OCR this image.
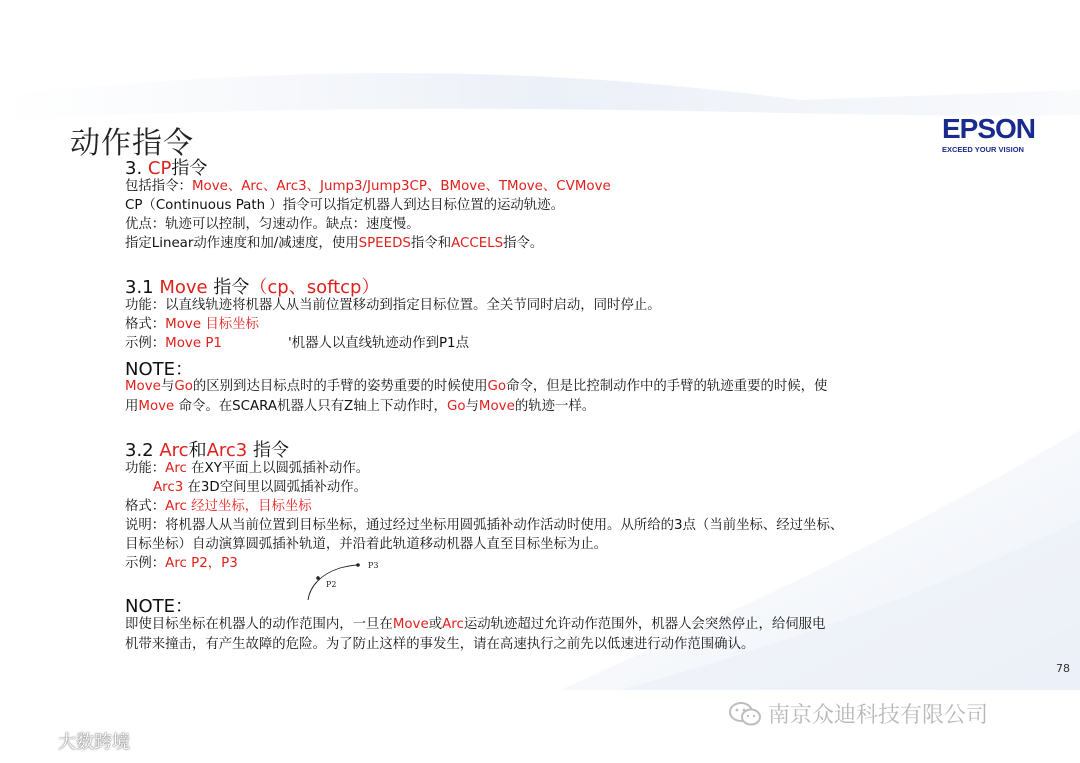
动作指令	EPSON
EXCEED YOUR VISION
3. CP指令
包括指令：Move、Arc、Arc3、Jump3/Jump3CP、BMove、TMove、CVMove
CP（Continuous Path ）指令可以指定机器人到达目标位置的运动轨迹。
优点：轨迹可以控制，匀速动作。缺点：速度慢。
指定Linear动作速度和加/减速度，使用SPEEDS指令和ACCELS指令。
3.1 Move 指令（cp、softcp）
功能：以直线轨迹将机器人从当前位置移动到指定目标位置。全关节同时启动，同时停止。
格式：Move 目标坐标
示例：Move P1	'机器人以直线轨迹动作到P1点
NOTE：
Move与Go的区别到达目标点时的手臂的姿势重要的时候使用Go命令，但是比控制动作中的手臂的轨迹重要的时候，使
用Move 命令。在SCARA机器人只有Z轴上下动作时，Go与Move的轨迹一样。
3.2 Arc和Arc3 指令
功能：Arc 在XY平面上以圆弧插补动作。
Arc3 在3D空间里以圆弧插补动作。
格式：Arc 经过坐标，目标坐标
说明：将机器人从当前位置到目标坐标，通过经过坐标用圆弧插补动作活动时使用。从所给的3点（当前坐标、经过坐标、
目标坐标）自动演算圆弧插补轨道，并沿着此轨道移动机器人直至目标坐标为止。
示例：Arc P2，P3
P2
P3
NOTE：
即使目标坐标在机器人的动作范围内，一旦在Move或Arc运动轨迹超过允许动作范围外，机器人会突然停止，给伺服电
机带来撞击，有产生故障的危险。为了防止这样的事发生，请在高速执行之前先以低速进行动作范围确认。
78
南京众迪科技有限公司
大数跨境
